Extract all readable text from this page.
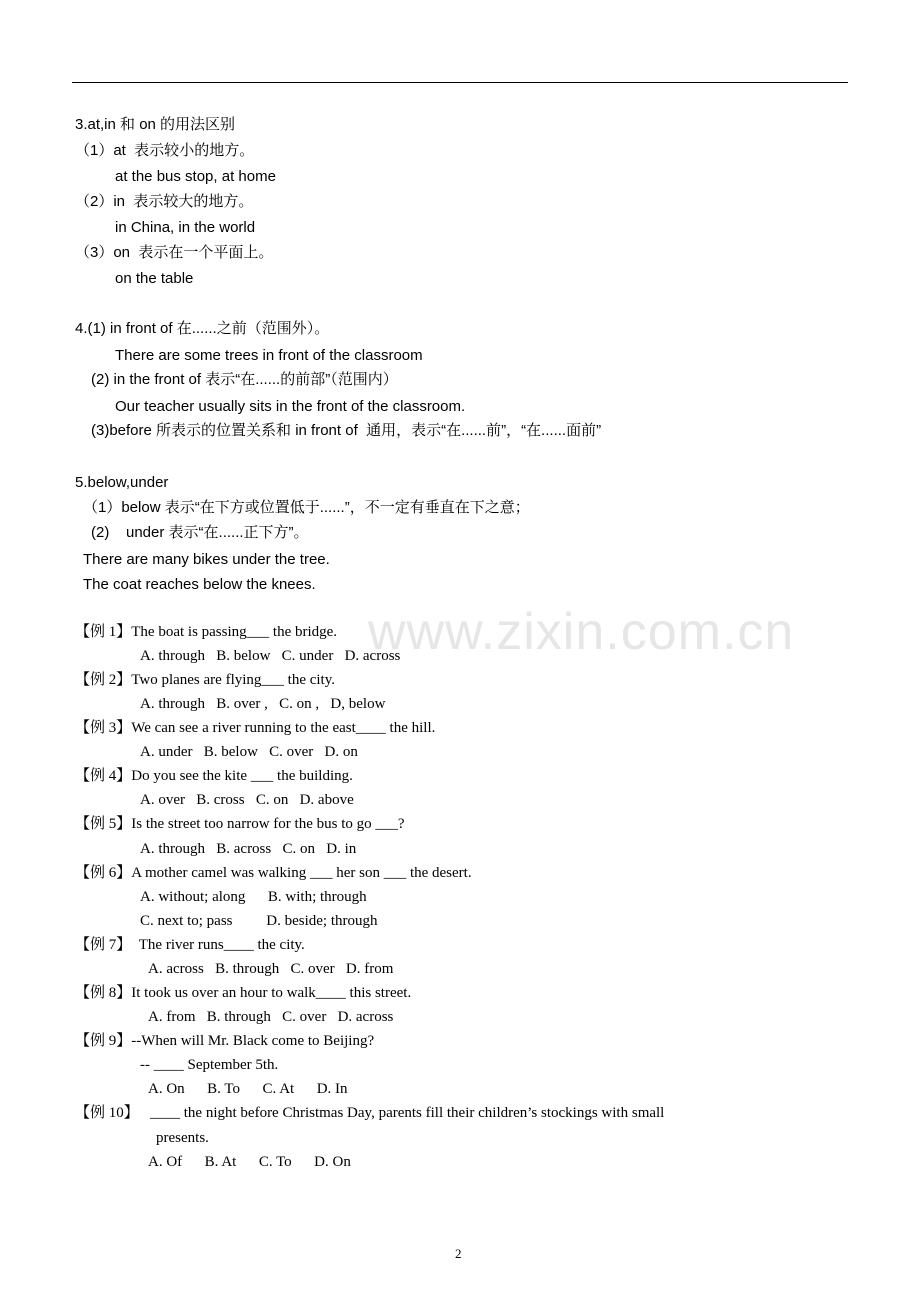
www.zixin.com.cn
3.at,in 和 on 的用法区别
（1）at  表示较小的地方。
at the bus stop, at home
（2）in  表示较大的地方。
in China, in the world
（3）on  表示在一个平面上。
on the table
4.(1) in front of 在......之前（范围外）。
There are some trees in front of the classroom
(2) in the front of 表示“在......的前部”（范围内）
Our teacher usually sits in the front of the classroom.
(3)before 所表示的位置关系和 in front of  通用，表示“在......前”，“在......面前”
5.below,under
（1）below 表示“在下方或位置低于......”，不一定有垂直在下之意；
(2)    under 表示“在......正下方”。
There are many bikes under the tree.
The coat reaches below the knees.
【例 1】The boat is passing___ the bridge.
A. through   B. below   C. under   D. across
【例 2】Two planes are flying___ the city.
A. through   B. over ,   C. on ,   D, below
【例 3】We can see a river running to the east____ the hill.
A. under   B. below   C. over   D. on
【例 4】Do you see the kite ___ the building.
A. over   B. cross   C. on   D. above
【例 5】Is the street too narrow for the bus to go ___?
A. through   B. across   C. on   D. in
【例 6】A mother camel was walking ___ her son ___ the desert.
A. without; along      B. with; through
C. next to; pass         D. beside; through
【例 7】  The river runs____ the city.
A. across   B. through   C. over   D. from
【例 8】It took us over an hour to walk____ this street.
A. from   B. through   C. over   D. across
【例 9】--When will Mr. Black come to Beijing?
-- ____ September 5th.
A. On      B. To      C. At      D. In
【例 10】   ____ the night before Christmas Day, parents fill their children’s stockings with small
presents.
A. Of      B. At      C. To      D. On
2
